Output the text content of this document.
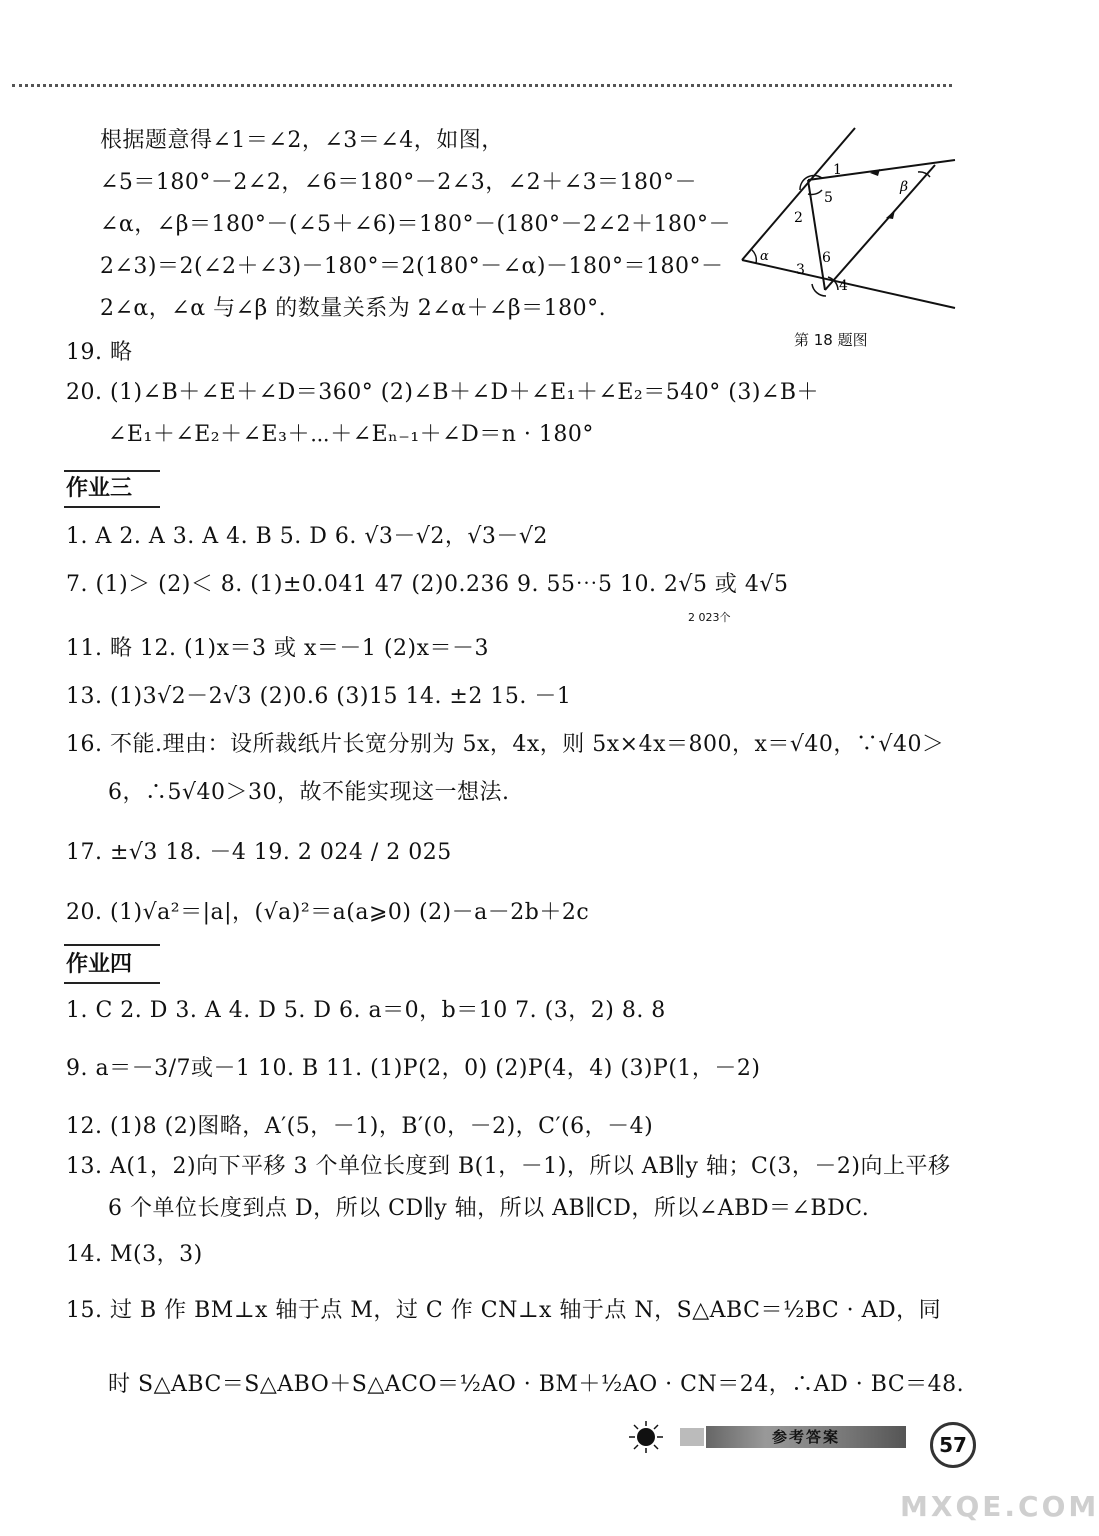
根据题意得∠1＝∠2，∠3＝∠4，如图，
∠5＝180°－2∠2，∠6＝180°－2∠3，∠2＋∠3＝180°－
∠α，∠β＝180°－(∠5＋∠6)＝180°－(180°－2∠2＋180°－
2∠3)＝2(∠2＋∠3)－180°＝2(180°－∠α)－180°＝180°－
2∠α，∠α 与∠β 的数量关系为 2∠α＋∠β＝180°.
1
5
β
2
6
3
4
α
第 18 题图
19. 略
20. (1)∠B＋∠E＋∠D＝360° (2)∠B＋∠D＋∠E₁＋∠E₂＝540° (3)∠B＋
∠E₁＋∠E₂＋∠E₃＋⋯＋∠Eₙ₋₁＋∠D＝n · 180°
作业三
1. A 2. A 3. A 4. B 5. D 6. √3－√2，√3－√2
7. (1)＞ (2)＜ 8. (1)±0.041 47 (2)0.236 9. 55⋯5 10. 2√5 或 4√5
2 023个
11. 略 12. (1)x＝3 或 x＝－1 (2)x＝－3
13. (1)3√2－2√3 (2)0.6 (3)15 14. ±2 15. －1
16. 不能.理由：设所裁纸片长宽分别为 5x，4x，则 5x×4x＝800，x＝√40，∵√40＞
6，∴5√40＞30，故不能实现这一想法.
17. ±√3 18. －4 19. 2 024 / 2 025
20. (1)√a²＝|a|，(√a)²＝a(a⩾0) (2)－a－2b＋2c
作业四
1. C 2. D 3. A 4. D 5. D 6. a＝0，b＝10 7. (3，2) 8. 8
9. a＝－3/7或－1 10. B 11. (1)P(2，0) (2)P(4，4) (3)P(1，－2)
12. (1)8 (2)图略，A′(5，－1)，B′(0，－2)，C′(6，－4)
13. A(1，2)向下平移 3 个单位长度到 B(1，－1)，所以 AB∥y 轴；C(3，－2)向上平移
6 个单位长度到点 D，所以 CD∥y 轴，所以 AB∥CD，所以∠ABD＝∠BDC.
14. M(3，3)
15. 过 B 作 BM⊥x 轴于点 M，过 C 作 CN⊥x 轴于点 N，S△ABC＝½BC · AD，同
时 S△ABC＝S△ABO＋S△ACO＝½AO · BM＋½AO · CN＝24，∴AD · BC＝48.
参考答案	57
MXQE.COM
